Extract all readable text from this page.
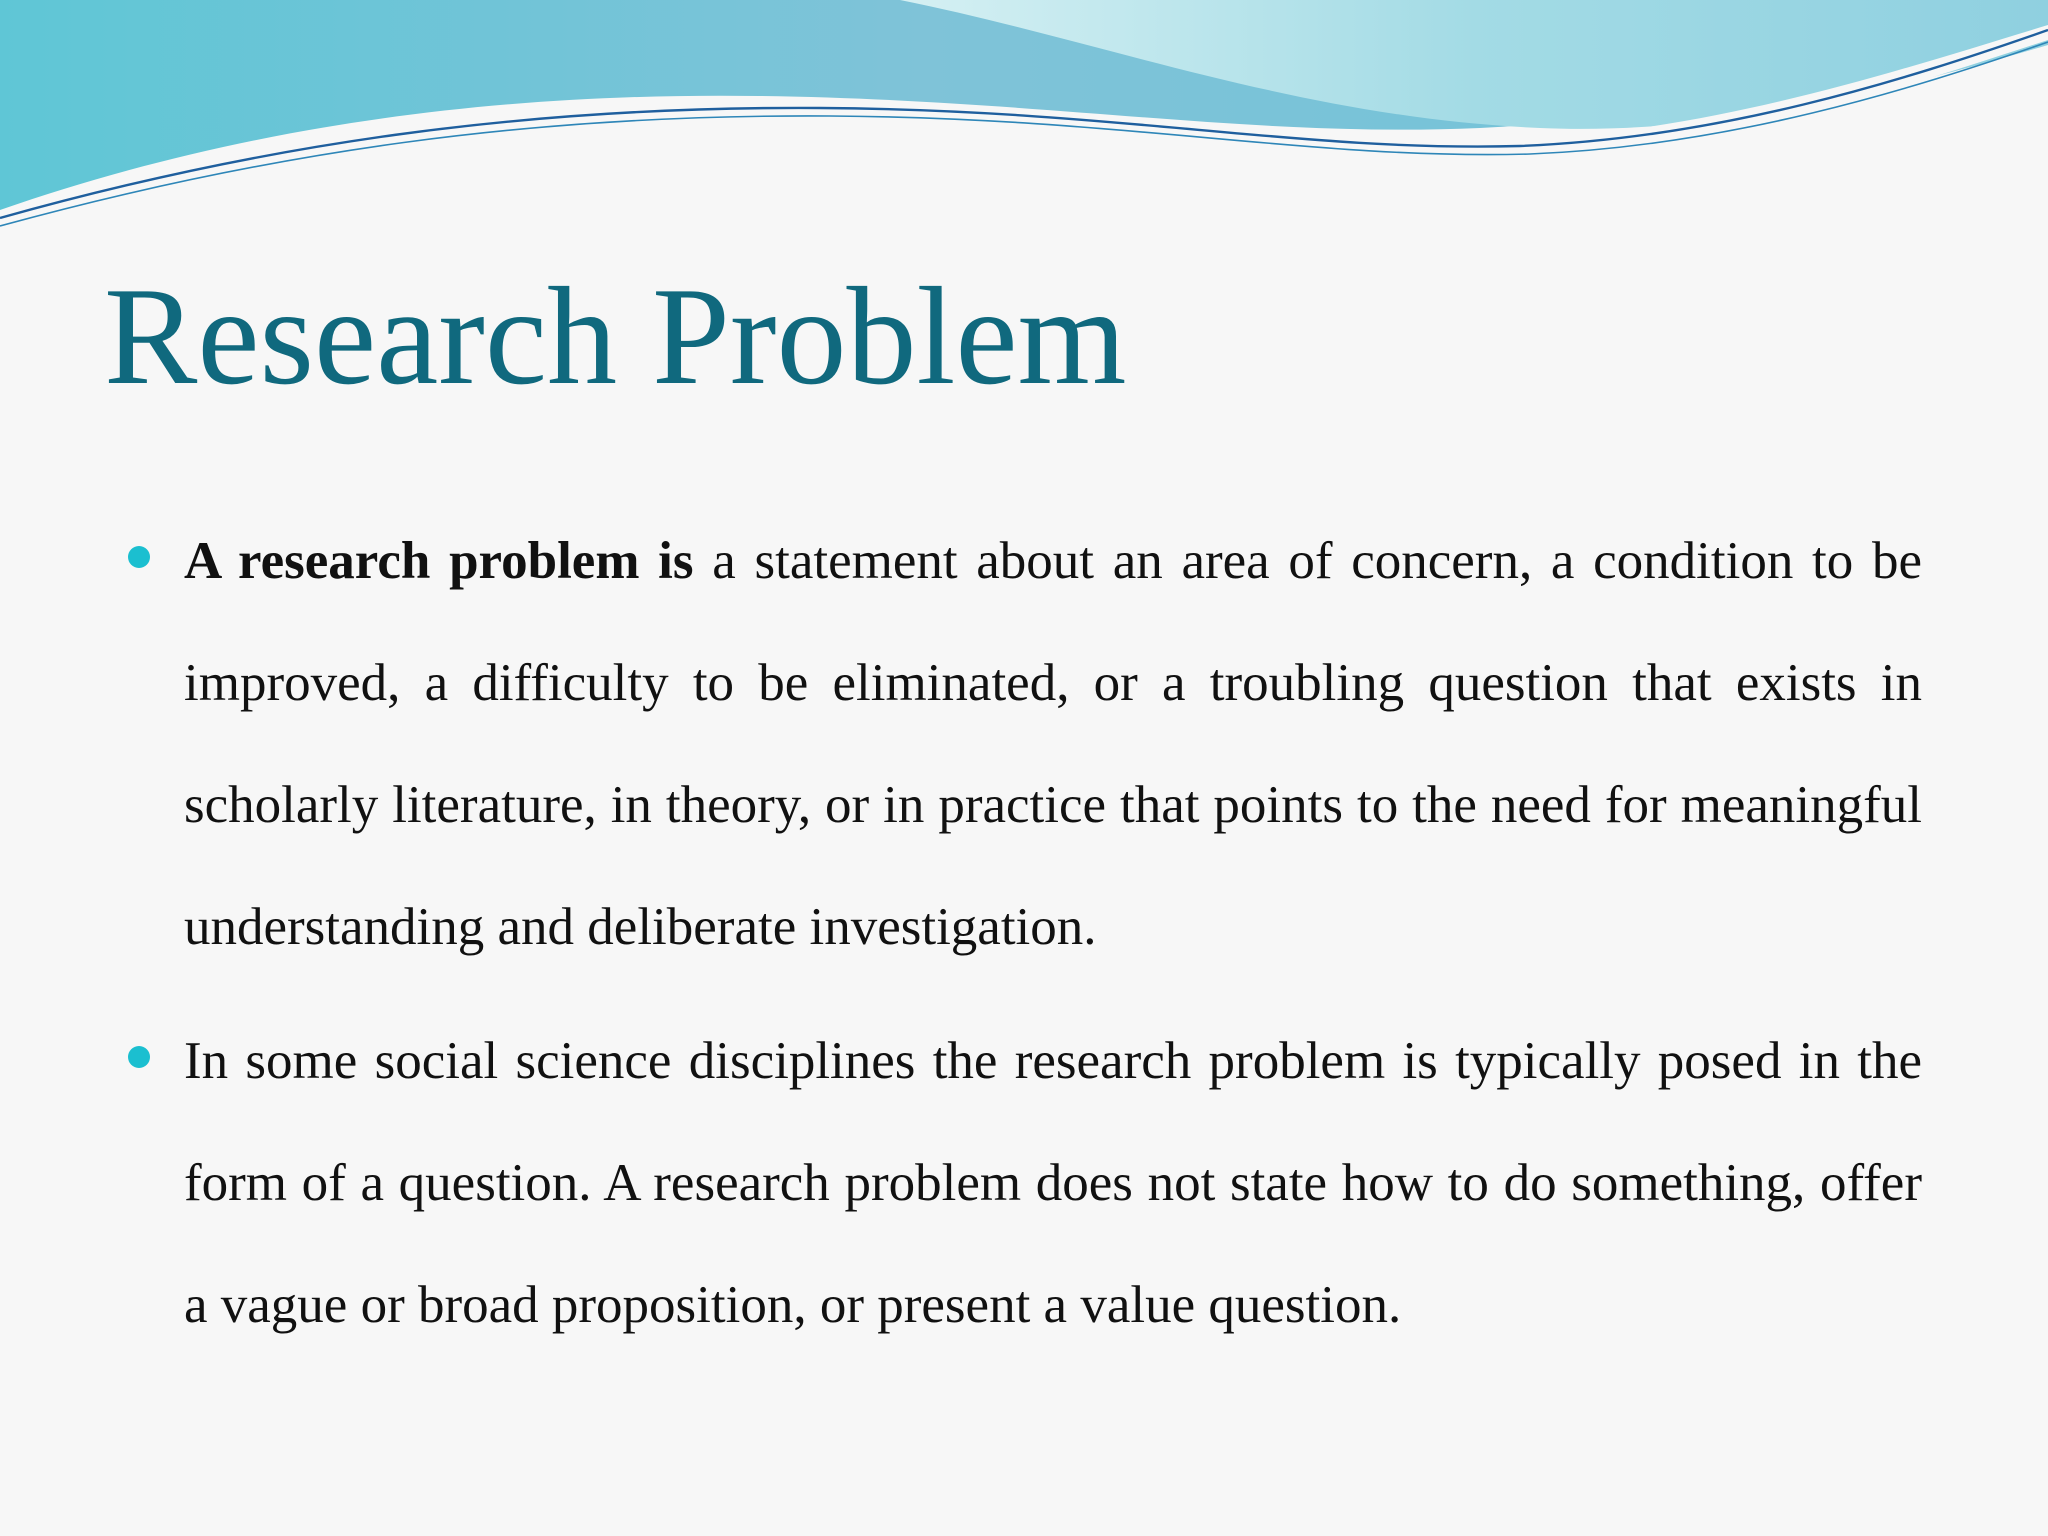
Research Problem
A research problem is a statement about an area of concern, a condition to be improved, a difficulty to be eliminated, or a troubling question that exists in scholarly literature, in theory, or in practice that points to the need for meaningful understanding and deliberate investigation.
In some social science disciplines the research problem is typically posed in the form of a question. A research problem does not state how to do something, offer a vague or broad proposition, or present a value question.
